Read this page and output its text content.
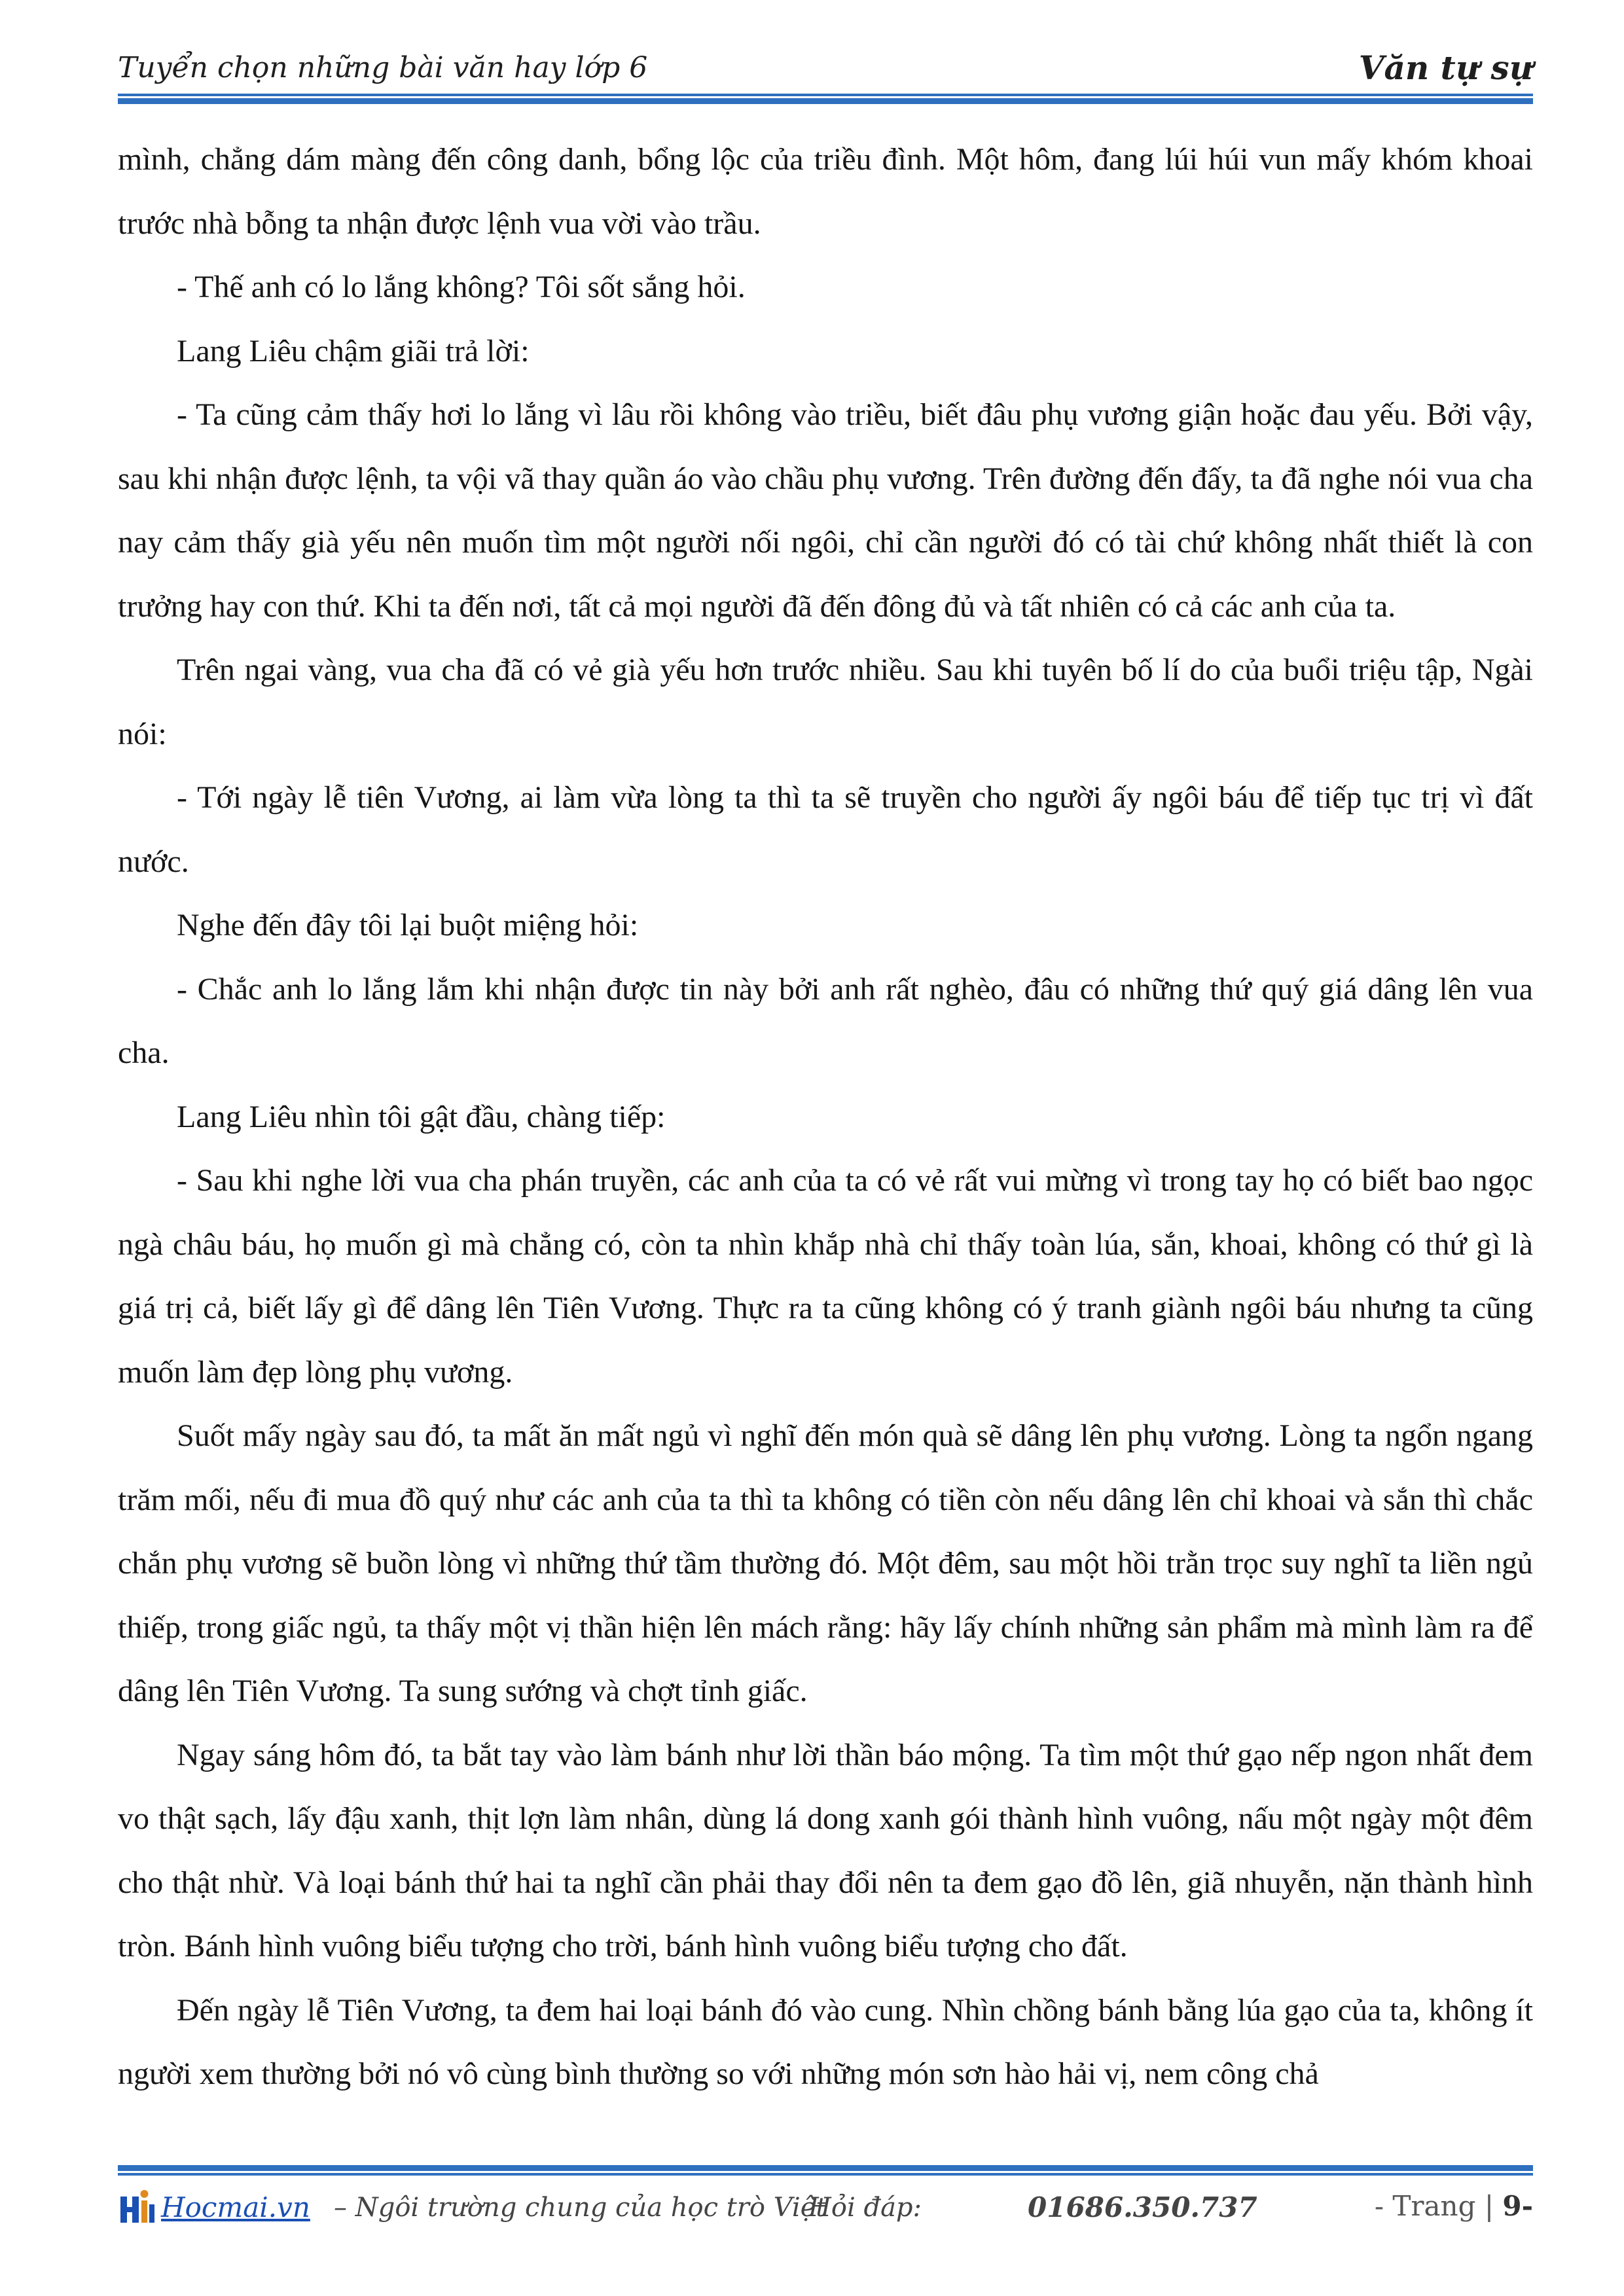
Tuyển chọn những bài văn hay lớp 6	Văn tự sự

mình, chẳng dám màng đến công danh, bổng lộc của triều đình. Một hôm, đang lúi húi vun mấy khóm khoai trước nhà bỗng ta nhận được lệnh vua vời vào trầu.

- Thế anh có lo lắng không? Tôi sốt sắng hỏi.

Lang Liêu chậm giãi trả lời:

- Ta cũng cảm thấy hơi lo lắng vì lâu rồi không vào triều, biết đâu phụ vương giận hoặc đau yếu. Bởi vậy, sau khi nhận được lệnh, ta vội vã thay quần áo vào chầu phụ vương. Trên đường đến đấy, ta đã nghe nói vua cha nay cảm thấy già yếu nên muốn tìm một người nối ngôi, chỉ cần người đó có tài chứ không nhất thiết là con trưởng hay con thứ. Khi ta đến nơi, tất cả mọi người đã đến đông đủ và tất nhiên có cả các anh của ta.

Trên ngai vàng, vua cha đã có vẻ già yếu hơn trước nhiều. Sau khi tuyên bố lí do của buổi triệu tập, Ngài nói:

- Tới ngày lễ tiên Vương, ai làm vừa lòng ta thì ta sẽ truyền cho người ấy ngôi báu để tiếp tục trị vì đất nước.

Nghe đến đây tôi lại buột miệng hỏi:

- Chắc anh lo lắng lắm khi nhận được tin này bởi anh rất nghèo, đâu có những thứ quý giá dâng lên vua cha.

Lang Liêu nhìn tôi gật đầu, chàng tiếp:

- Sau khi nghe lời vua cha phán truyền, các anh của ta có vẻ rất vui mừng vì trong tay họ có biết bao ngọc ngà châu báu, họ muốn gì mà chẳng có, còn ta nhìn khắp nhà chỉ thấy toàn lúa, sắn, khoai, không có thứ gì là giá trị cả, biết lấy gì để dâng lên Tiên Vương. Thực ra ta cũng không có ý tranh giành ngôi báu nhưng ta cũng muốn làm đẹp lòng phụ vương.

Suốt mấy ngày sau đó, ta mất ăn mất ngủ vì nghĩ đến món quà sẽ dâng lên phụ vương. Lòng ta ngổn ngang trăm mối, nếu đi mua đồ quý như các anh của ta thì ta không có tiền còn nếu dâng lên chỉ khoai và sắn thì chắc chắn phụ vương sẽ buồn lòng vì những thứ tầm thường đó. Một đêm, sau một hồi trằn trọc suy nghĩ ta liền ngủ thiếp, trong giấc ngủ, ta thấy một vị thần hiện lên mách rằng: hãy lấy chính những sản phẩm mà mình làm ra để dâng lên Tiên Vương. Ta sung sướng và chợt tỉnh giấc.

Ngay sáng hôm đó, ta bắt tay vào làm bánh như lời thần báo mộng. Ta tìm một thứ gạo nếp ngon nhất đem vo thật sạch, lấy đậu xanh, thịt lợn làm nhân, dùng lá dong xanh gói thành hình vuông, nấu một ngày một đêm cho thật nhừ. Và loại bánh thứ hai ta nghĩ cần phải thay đổi nên ta đem gạo đồ lên, giã nhuyễn, nặn thành hình tròn. Bánh hình vuông biểu tượng cho trời, bánh hình vuông biểu tượng cho đất.

Đến ngày lễ Tiên Vương, ta đem hai loại bánh đó vào cung. Nhìn chồng bánh bằng lúa gạo của ta, không ít người xem thường bởi nó vô cùng bình thường so với những món sơn hào hải vị, nem công chả

Hocmai.vn – Ngôi trường chung của học trò Việt
Hỏi đáp:	01686.350.737	- Trang | 9-
